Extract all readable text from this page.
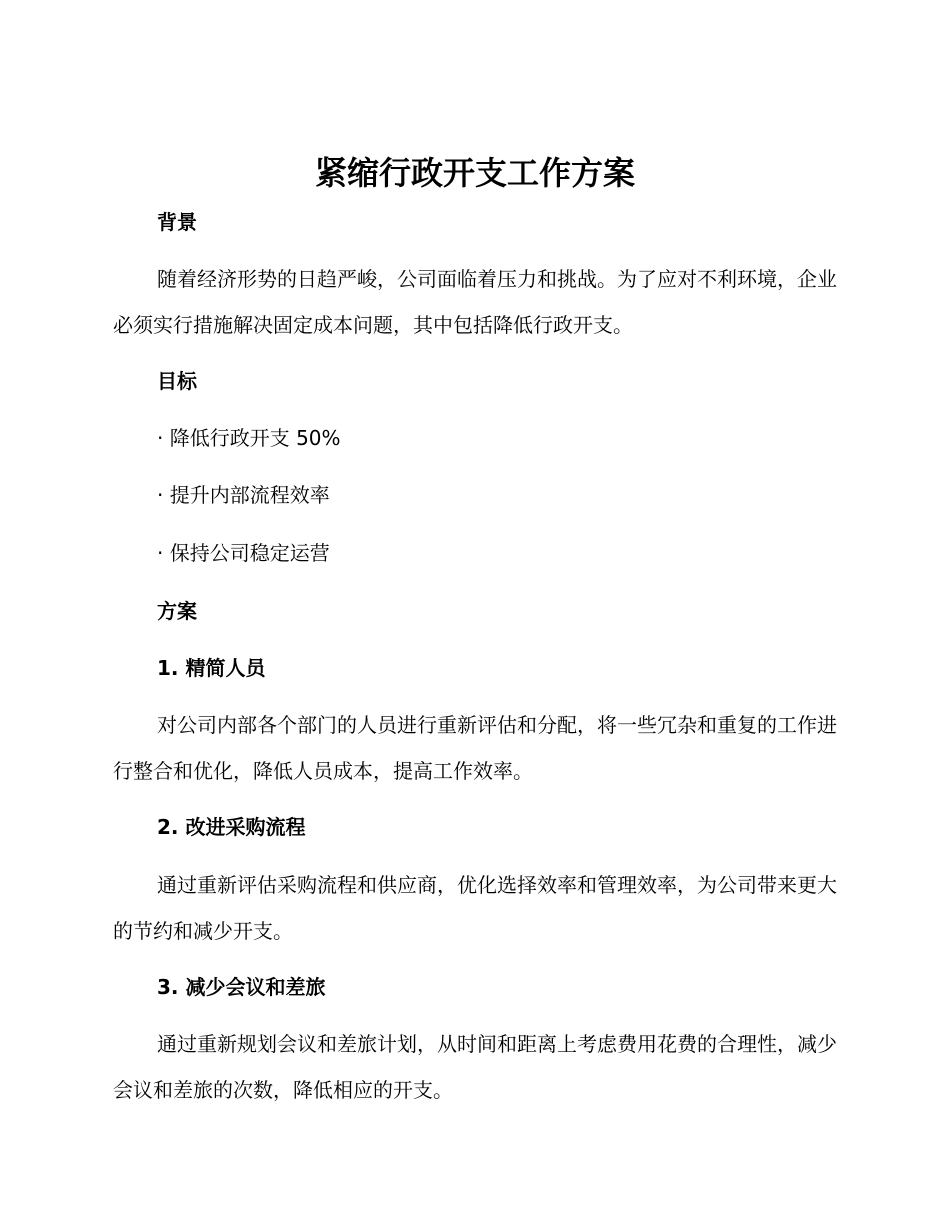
紧缩行政开支工作方案
背景

随着经济形势的日趋严峻，公司面临着压力和挑战。为了应对不利环境，企业必须实行措施解决固定成本问题，其中包括降低行政开支。

目标
· 降低行政开支 50%
· 提升内部流程效率
· 保持公司稳定运营
方案
1. 精简人员

对公司内部各个部门的人员进行重新评估和分配，将一些冗杂和重复的工作进行整合和优化，降低人员成本，提高工作效率。

2. 改进采购流程

通过重新评估采购流程和供应商，优化选择效率和管理效率，为公司带来更大的节约和减少开支。

3. 减少会议和差旅

通过重新规划会议和差旅计划，从时间和距离上考虑费用花费的合理性，减少会议和差旅的次数，降低相应的开支。
